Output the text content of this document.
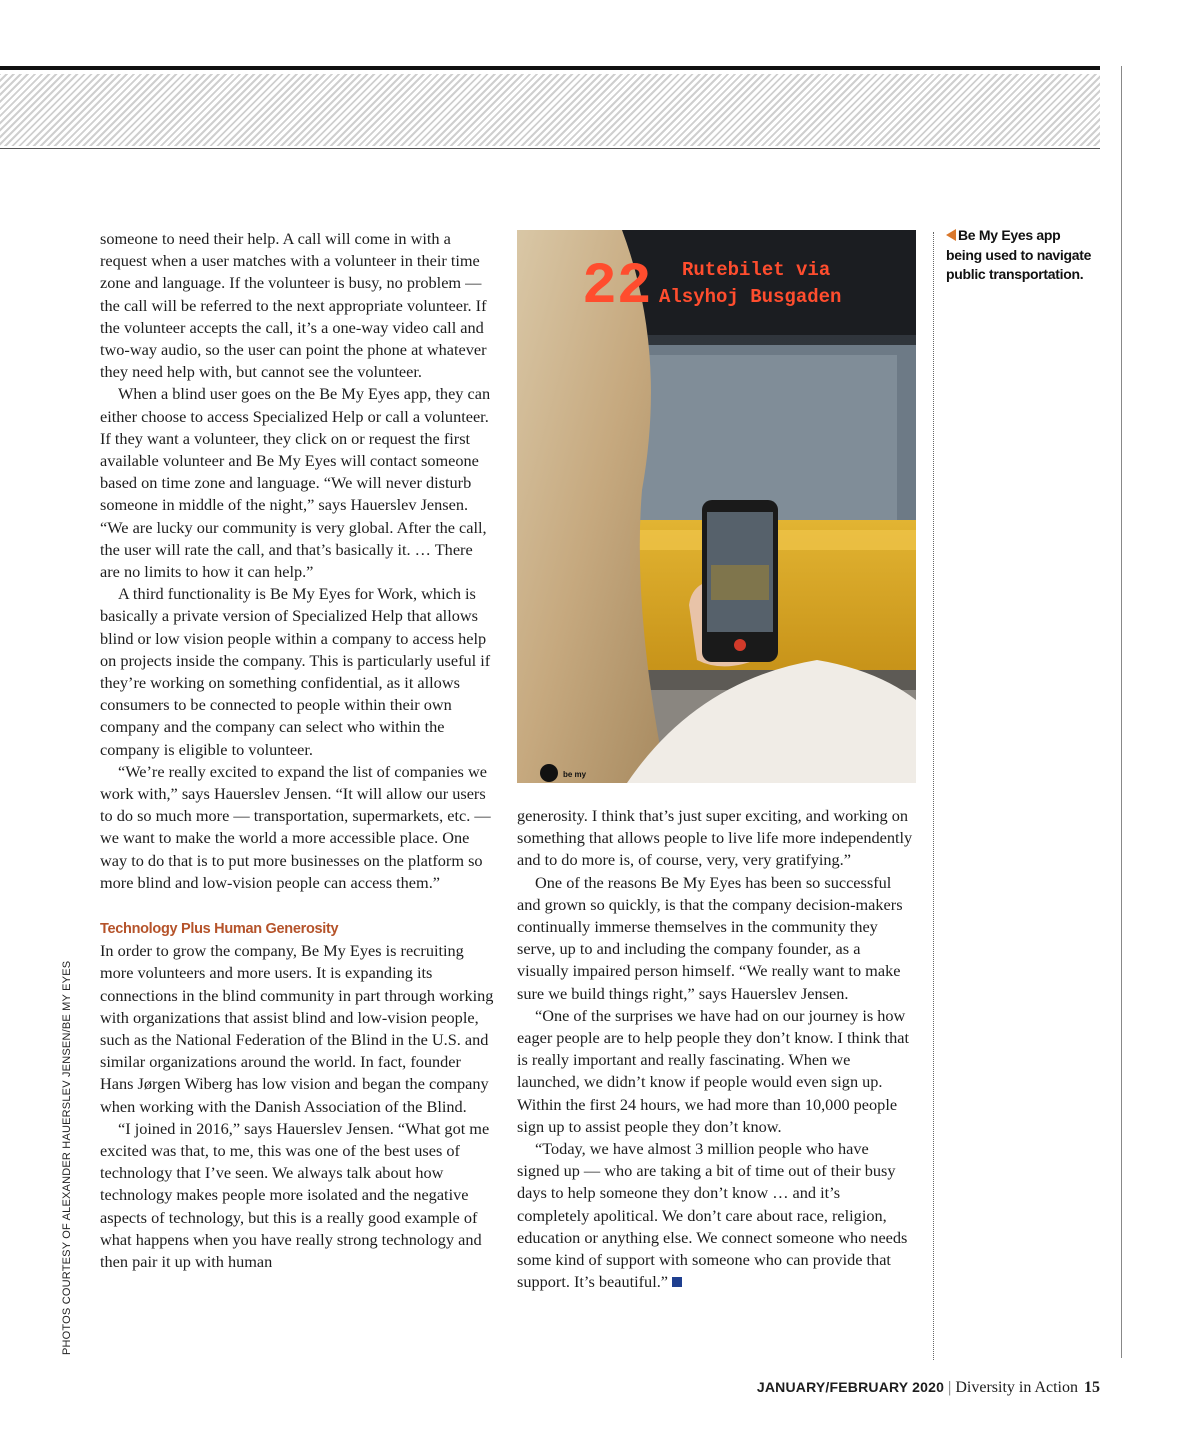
someone to need their help. A call will come in with a request when a user matches with a volunteer in their time zone and language. If the volunteer is busy, no problem — the call will be referred to the next appropriate volunteer. If the volunteer accepts the call, it’s a one-way video call and two-way audio, so the user can point the phone at whatever they need help with, but cannot see the volunteer.

When a blind user goes on the Be My Eyes app, they can either choose to access Specialized Help or call a volunteer. If they want a volunteer, they click on or request the first available volunteer and Be My Eyes will contact someone based on time zone and language. “We will never disturb someone in middle of the night,” says Hauerslev Jensen. “We are lucky our community is very global. After the call, the user will rate the call, and that’s basically it. … There are no limits to how it can help.”

A third functionality is Be My Eyes for Work, which is basically a private version of Specialized Help that allows blind or low vision people within a company to access help on projects inside the company. This is particularly useful if they’re working on something confidential, as it allows consumers to be connected to people within their own company and the company can select who within the company is eligible to volunteer.

“We’re really excited to expand the list of companies we work with,” says Hauerslev Jensen. “It will allow our users to do so much more — transportation, supermarkets, etc. — we want to make the world a more accessible place. One way to do that is to put more businesses on the platform so more blind and low-vision people can access them.”

Technology Plus Human Generosity

In order to grow the company, Be My Eyes is recruiting more volunteers and more users. It is expanding its connections in the blind community in part through working with organizations that assist blind and low-vision people, such as the National Federation of the Blind in the U.S. and similar organizations around the world. In fact, founder Hans Jørgen Wiberg has low vision and began the company when working with the Danish Association of the Blind.

“I joined in 2016,” says Hauerslev Jensen. “What got me excited was that, to me, this was one of the best uses of technology that I’ve seen. We always talk about how technology makes people more isolated and the negative aspects of technology, but this is a really good example of what happens when you have really strong technology and then pair it up with human

22 Rutebilet via
Alsyhoj Busgaden
be my
Be My Eyes app being used to navigate public transportation.

generosity. I think that’s just super exciting, and working on something that allows people to live life more independently and to do more is, of course, very, very gratifying.”

One of the reasons Be My Eyes has been so successful and grown so quickly, is that the company decision-makers continually immerse themselves in the community they serve, up to and including the company founder, as a visually impaired person himself. “We really want to make sure we build things right,” says Hauerslev Jensen.

“One of the surprises we have had on our journey is how eager people are to help people they don’t know. I think that is really important and really fascinating. When we launched, we didn’t know if people would even sign up. Within the first 24 hours, we had more than 10,000 people sign up to assist people they don’t know.

“Today, we have almost 3 million people who have signed up — who are taking a bit of time out of their busy days to help someone they don’t know … and it’s completely apolitical. We don’t care about race, religion, education or anything else. We connect someone who needs some kind of support with someone who can provide that support. It’s beautiful.”

PHOTOS COURTESY OF ALEXANDER HAUERSLEV JENSEN/BE MY EYES
JANUARY/FEBRUARY 2020 | Diversity in Action 15
